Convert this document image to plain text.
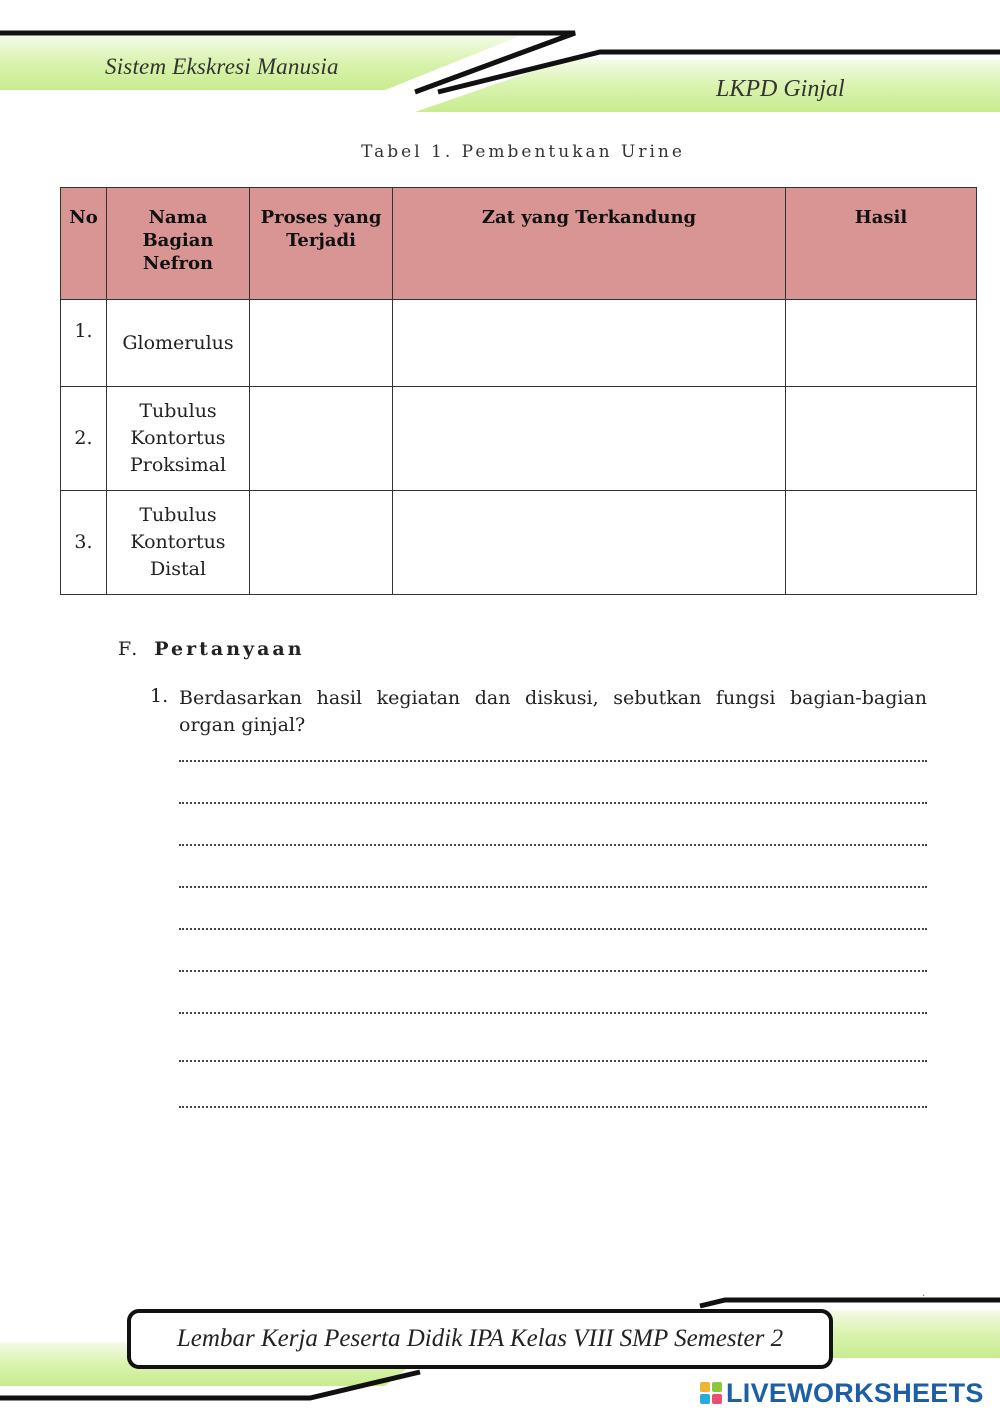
Sistem Ekskresi Manusia
LKPD Ginjal
Tabel 1. Pembentukan Urine
No	Nama Bagian Nefron	Proses yang Terjadi	Zat yang Terkandung	Hasil
1.	Glomerulus			
2.	Tubulus Kontortus Proksimal			

3.	Tubulus Kontortus Distal			

F. Pertanyaan
1. Berdasarkan hasil kegiatan dan diskusi, sebutkan fungsi bagian-bagian organ ginjal?
.
Lembar Kerja Peserta Didik IPA Kelas VIII SMP Semester 2
LIVEWORKSHEETS
